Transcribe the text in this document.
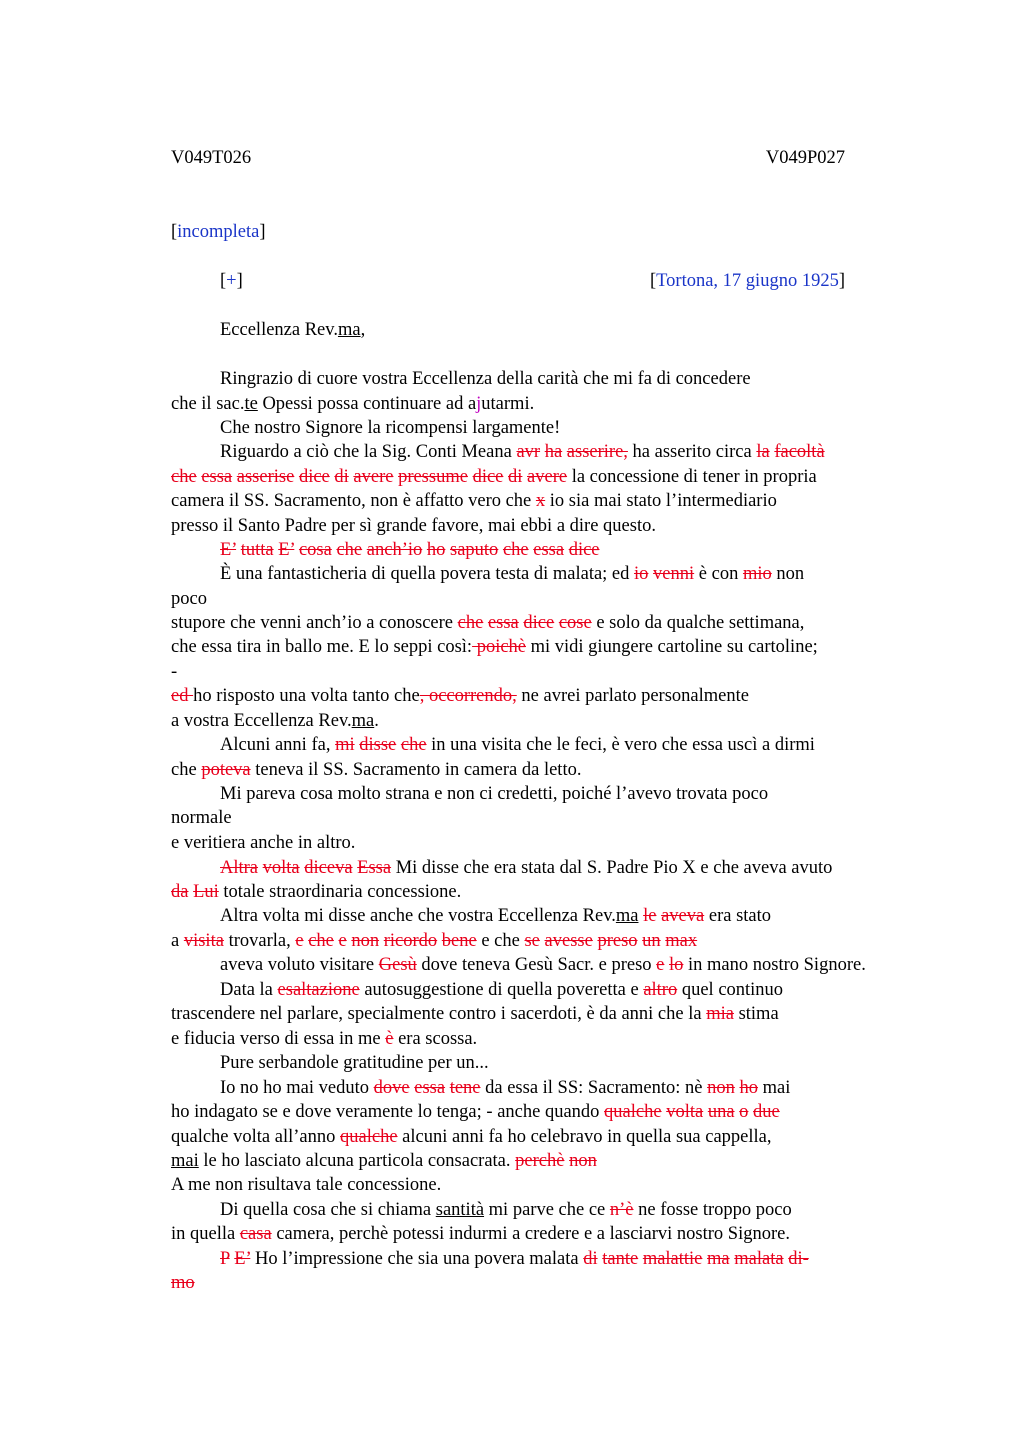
V049T026	V049P027
[incompleta]
[+]	[Tortona, 17 giugno 1925]
Eccellenza Rev.ma,
Ringrazio di cuore vostra Eccellenza della carità che mi fa di concedere
che il sac.te Opessi possa continuare ad ajutarmi.
Che nostro Signore la ricompensi largamente!
Riguardo a ciò che la Sig. Conti Meana avr ha asserire, ha asserito circa la facoltà
che essa asserise dice di avere pressume dice di avere la concessione di tener in propria
camera il SS. Sacramento, non è affatto vero che x io sia mai stato l’intermediario
presso il Santo Padre per sì grande favore, mai ebbi a dire questo.
E’ tutta E’ cosa che anch’io ho saputo che essa dice
È una fantasticheria di quella povera testa di malata; ed io venni è con mio non
poco
stupore che venni anch’io a conoscere che essa dice cose e solo da qualche settimana,
che essa tira in ballo me. E lo seppi così: poichè mi vidi giungere cartoline su cartoline;
-
ed ho risposto una volta tanto che, occorrendo, ne avrei parlato personalmente
a vostra Eccellenza Rev.ma.
Alcuni anni fa, mi disse che in una visita che le feci, è vero che essa uscì a dirmi
che poteva teneva il SS. Sacramento in camera da letto.
Mi pareva cosa molto strana e non ci credetti, poiché l’avevo trovata poco
normale
e veritiera anche in altro.
Altra volta diceva Essa Mi disse che era stata dal S. Padre Pio X e che aveva avuto
da Lui totale straordinaria concessione.
Altra volta mi disse anche che vostra Eccellenza Rev.ma le aveva era stato
a visita trovarla, e che e non ricordo bene e che se avesse preso un max
aveva voluto visitare Gesù dove teneva Gesù Sacr. e preso e lo in mano nostro Signore.
Data la esaltazione autosuggestione di quella poveretta e altro quel continuo
trascendere nel parlare, specialmente contro i sacerdoti, è da anni che la mia stima
e fiducia verso di essa in me è era scossa.
Pure serbandole gratitudine per un...
Io no ho mai veduto dove essa tene da essa il SS: Sacramento: nè non ho mai
ho indagato se e dove veramente lo tenga; - anche quando qualche volta una o due
qualche volta all’anno qualche alcuni anni fa ho celebravo in quella sua cappella,
mai le ho lasciato alcuna particola consacrata. perchè non
A me non risultava tale concessione.
Di quella cosa che si chiama santità mi parve che ce n’è ne fosse troppo poco
in quella casa camera, perchè potessi indurmi a credere e a lasciarvi nostro Signore.
P E’ Ho l’impressione che sia una povera malata di tante malattie ma malata di-
mo
